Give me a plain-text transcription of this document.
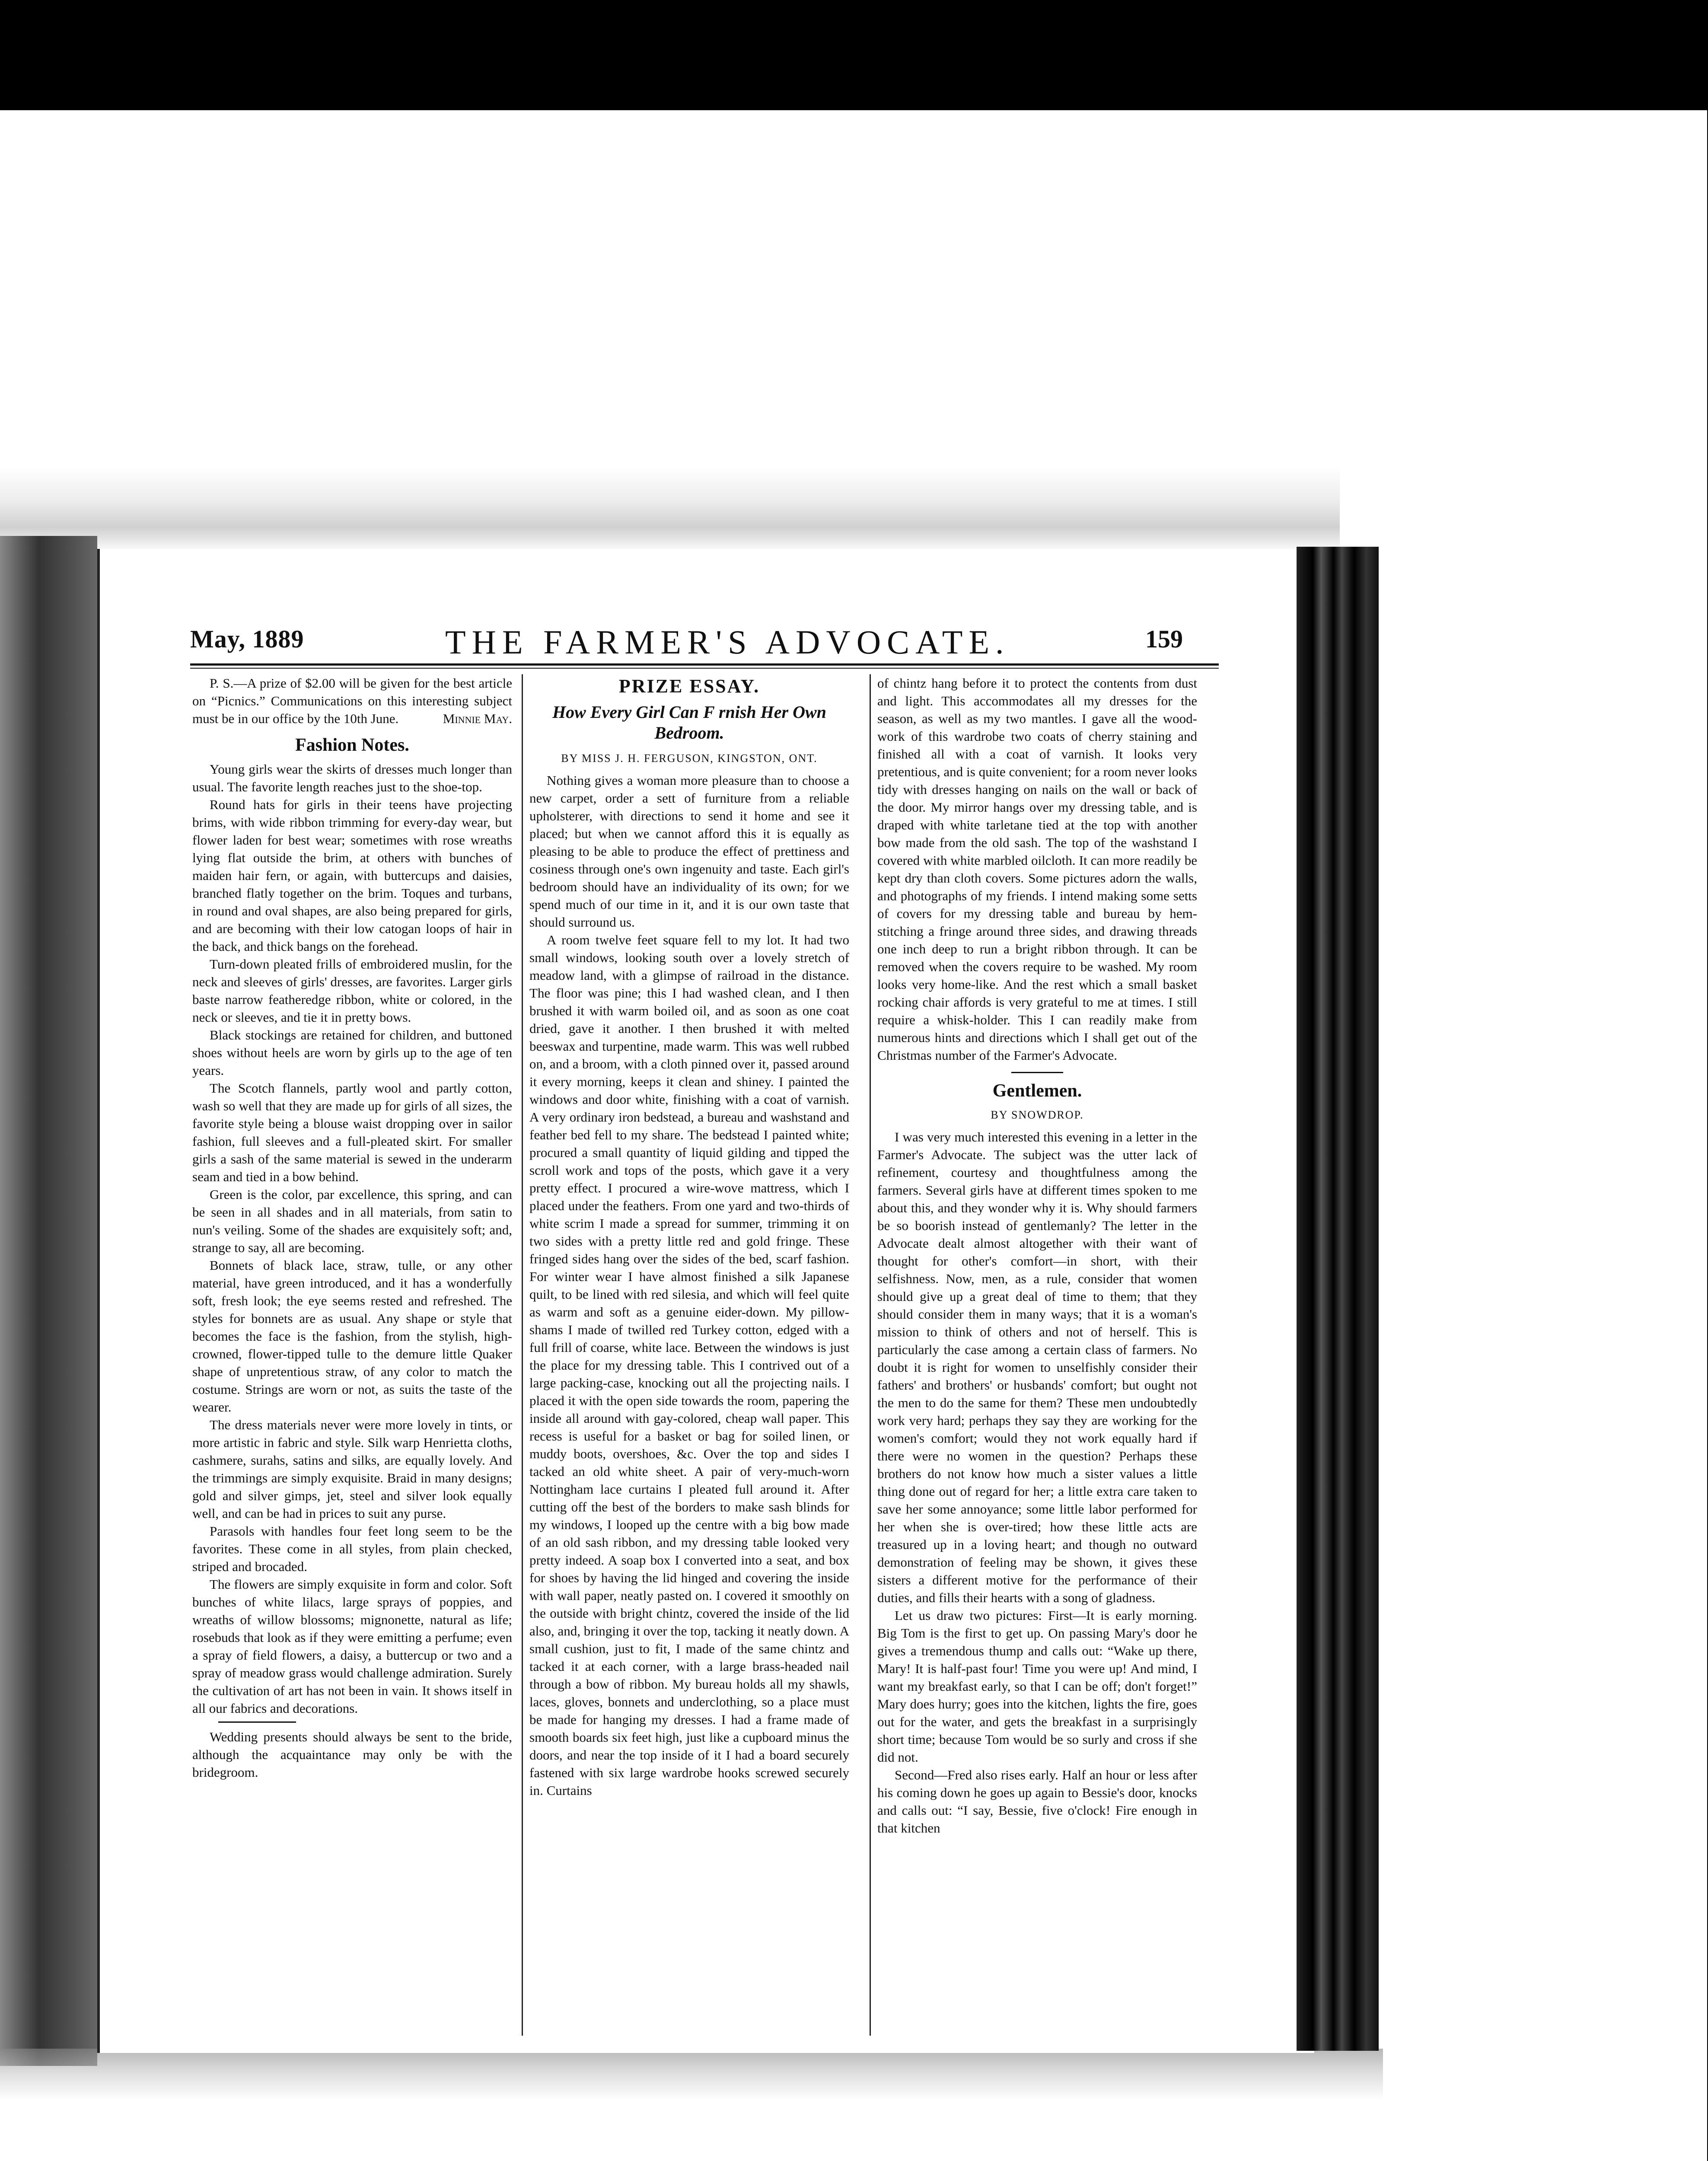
May, 1889	THE FARMER'S ADVOCATE.	159

P. S.—A prize of $2.00 will be given for the best article on “Picnics.” Communications on this interesting subject must be in our office by the 10th June.	Minnie May.

Fashion Notes.

Young girls wear the skirts of dresses much longer than usual. The favorite length reaches just to the shoe-top.

Round hats for girls in their teens have projecting brims, with wide ribbon trimming for every-day wear, but flower laden for best wear; sometimes with rose wreaths lying flat outside the brim, at others with bunches of maiden hair fern, or again, with buttercups and daisies, branched flatly together on the brim. Toques and turbans, in round and oval shapes, are also being prepared for girls, and are becoming with their low catogan loops of hair in the back, and thick bangs on the forehead.

Turn-down pleated frills of embroidered muslin, for the neck and sleeves of girls' dresses, are favorites. Larger girls baste narrow featheredge ribbon, white or colored, in the neck or sleeves, and tie it in pretty bows.

Black stockings are retained for children, and buttoned shoes without heels are worn by girls up to the age of ten years.

The Scotch flannels, partly wool and partly cotton, wash so well that they are made up for girls of all sizes, the favorite style being a blouse waist dropping over in sailor fashion, full sleeves and a full-pleated skirt. For smaller girls a sash of the same material is sewed in the underarm seam and tied in a bow behind.

Green is the color, par excellence, this spring, and can be seen in all shades and in all materials, from satin to nun's veiling. Some of the shades are exquisitely soft; and, strange to say, all are becoming.

Bonnets of black lace, straw, tulle, or any other material, have green introduced, and it has a wonderfully soft, fresh look; the eye seems rested and refreshed. The styles for bonnets are as usual. Any shape or style that becomes the face is the fashion, from the stylish, high-crowned, flower-tipped tulle to the demure little Quaker shape of unpretentious straw, of any color to match the costume. Strings are worn or not, as suits the taste of the wearer.

The dress materials never were more lovely in tints, or more artistic in fabric and style. Silk warp Henrietta cloths, cashmere, surahs, satins and silks, are equally lovely. And the trimmings are simply exquisite. Braid in many designs; gold and silver gimps, jet, steel and silver look equally well, and can be had in prices to suit any purse.

Parasols with handles four feet long seem to be the favorites. These come in all styles, from plain checked, striped and brocaded.

The flowers are simply exquisite in form and color. Soft bunches of white lilacs, large sprays of poppies, and wreaths of willow blossoms; mignonette, natural as life; rosebuds that look as if they were emitting a perfume; even a spray of field flowers, a daisy, a buttercup or two and a spray of meadow grass would challenge admiration. Surely the cultivation of art has not been in vain. It shows itself in all our fabrics and decorations.

Wedding presents should always be sent to the bride, although the acquaintance may only be with the bridegroom.

PRIZE ESSAY.
How Every Girl Can F rnish Her Own Bedroom.
BY MISS J. H. FERGUSON, KINGSTON, ONT.

Nothing gives a woman more pleasure than to choose a new carpet, order a sett of furniture from a reliable upholsterer, with directions to send it home and see it placed; but when we cannot afford this it is equally as pleasing to be able to produce the effect of prettiness and cosiness through one's own ingenuity and taste. Each girl's bedroom should have an individuality of its own; for we spend much of our time in it, and it is our own taste that should surround us.

A room twelve feet square fell to my lot. It had two small windows, looking south over a lovely stretch of meadow land, with a glimpse of railroad in the distance. The floor was pine; this I had washed clean, and I then brushed it with warm boiled oil, and as soon as one coat dried, gave it another. I then brushed it with melted beeswax and turpentine, made warm. This was well rubbed on, and a broom, with a cloth pinned over it, passed around it every morning, keeps it clean and shiney. I painted the windows and door white, finishing with a coat of varnish. A very ordinary iron bedstead, a bureau and washstand and feather bed fell to my share. The bedstead I painted white; procured a small quantity of liquid gilding and tipped the scroll work and tops of the posts, which gave it a very pretty effect. I procured a wire-wove mattress, which I placed under the feathers. From one yard and two-thirds of white scrim I made a spread for summer, trimming it on two sides with a pretty little red and gold fringe. These fringed sides hang over the sides of the bed, scarf fashion. For winter wear I have almost finished a silk Japanese quilt, to be lined with red silesia, and which will feel quite as warm and soft as a genuine eider-down. My pillow-shams I made of twilled red Turkey cotton, edged with a full frill of coarse, white lace. Between the windows is just the place for my dressing table. This I contrived out of a large packing-case, knocking out all the projecting nails. I placed it with the open side towards the room, papering the inside all around with gay-colored, cheap wall paper. This recess is useful for a basket or bag for soiled linen, or muddy boots, overshoes, &c. Over the top and sides I tacked an old white sheet. A pair of very-much-worn Nottingham lace curtains I pleated full around it. After cutting off the best of the borders to make sash blinds for my windows, I looped up the centre with a big bow made of an old sash ribbon, and my dressing table looked very pretty indeed. A soap box I converted into a seat, and box for shoes by having the lid hinged and covering the inside with wall paper, neatly pasted on. I covered it smoothly on the outside with bright chintz, covered the inside of the lid also, and, bringing it over the top, tacking it neatly down. A small cushion, just to fit, I made of the same chintz and tacked it at each corner, with a large brass-headed nail through a bow of ribbon. My bureau holds all my shawls, laces, gloves, bonnets and underclothing, so a place must be made for hanging my dresses. I had a frame made of smooth boards six feet high, just like a cupboard minus the doors, and near the top inside of it I had a board securely fastened with six large wardrobe hooks screwed securely in. Curtains

of chintz hang before it to protect the contents from dust and light. This accommodates all my dresses for the season, as well as my two mantles. I gave all the wood-work of this wardrobe two coats of cherry staining and finished all with a coat of varnish. It looks very pretentious, and is quite convenient; for a room never looks tidy with dresses hanging on nails on the wall or back of the door. My mirror hangs over my dressing table, and is draped with white tarletane tied at the top with another bow made from the old sash. The top of the washstand I covered with white marbled oilcloth. It can more readily be kept dry than cloth covers. Some pictures adorn the walls, and photographs of my friends. I intend making some setts of covers for my dressing table and bureau by hem-stitching a fringe around three sides, and drawing threads one inch deep to run a bright ribbon through. It can be removed when the covers require to be washed. My room looks very home-like. And the rest which a small basket rocking chair affords is very grateful to me at times. I still require a whisk-holder. This I can readily make from numerous hints and directions which I shall get out of the Christmas number of the Farmer's Advocate.

Gentlemen.
BY SNOWDROP.

I was very much interested this evening in a letter in the Farmer's Advocate. The subject was the utter lack of refinement, courtesy and thoughtfulness among the farmers. Several girls have at different times spoken to me about this, and they wonder why it is. Why should farmers be so boorish instead of gentlemanly? The letter in the Advocate dealt almost altogether with their want of thought for other's comfort—in short, with their selfishness. Now, men, as a rule, consider that women should give up a great deal of time to them; that they should consider them in many ways; that it is a woman's mission to think of others and not of herself. This is particularly the case among a certain class of farmers. No doubt it is right for women to unselfishly consider their fathers' and brothers' or husbands' comfort; but ought not the men to do the same for them? These men undoubtedly work very hard; perhaps they say they are working for the women's comfort; would they not work equally hard if there were no women in the question? Perhaps these brothers do not know how much a sister values a little thing done out of regard for her; a little extra care taken to save her some annoyance; some little labor performed for her when she is over-tired; how these little acts are treasured up in a loving heart; and though no outward demonstration of feeling may be shown, it gives these sisters a different motive for the performance of their duties, and fills their hearts with a song of gladness.

Let us draw two pictures: First—It is early morning. Big Tom is the first to get up. On passing Mary's door he gives a tremendous thump and calls out: “Wake up there, Mary! It is half-past four! Time you were up! And mind, I want my breakfast early, so that I can be off; don't forget!” Mary does hurry; goes into the kitchen, lights the fire, goes out for the water, and gets the breakfast in a surprisingly short time; because Tom would be so surly and cross if she did not.

Second—Fred also rises early. Half an hour or less after his coming down he goes up again to Bessie's door, knocks and calls out: “I say, Bessie, five o'clock! Fire enough in that kitchen
